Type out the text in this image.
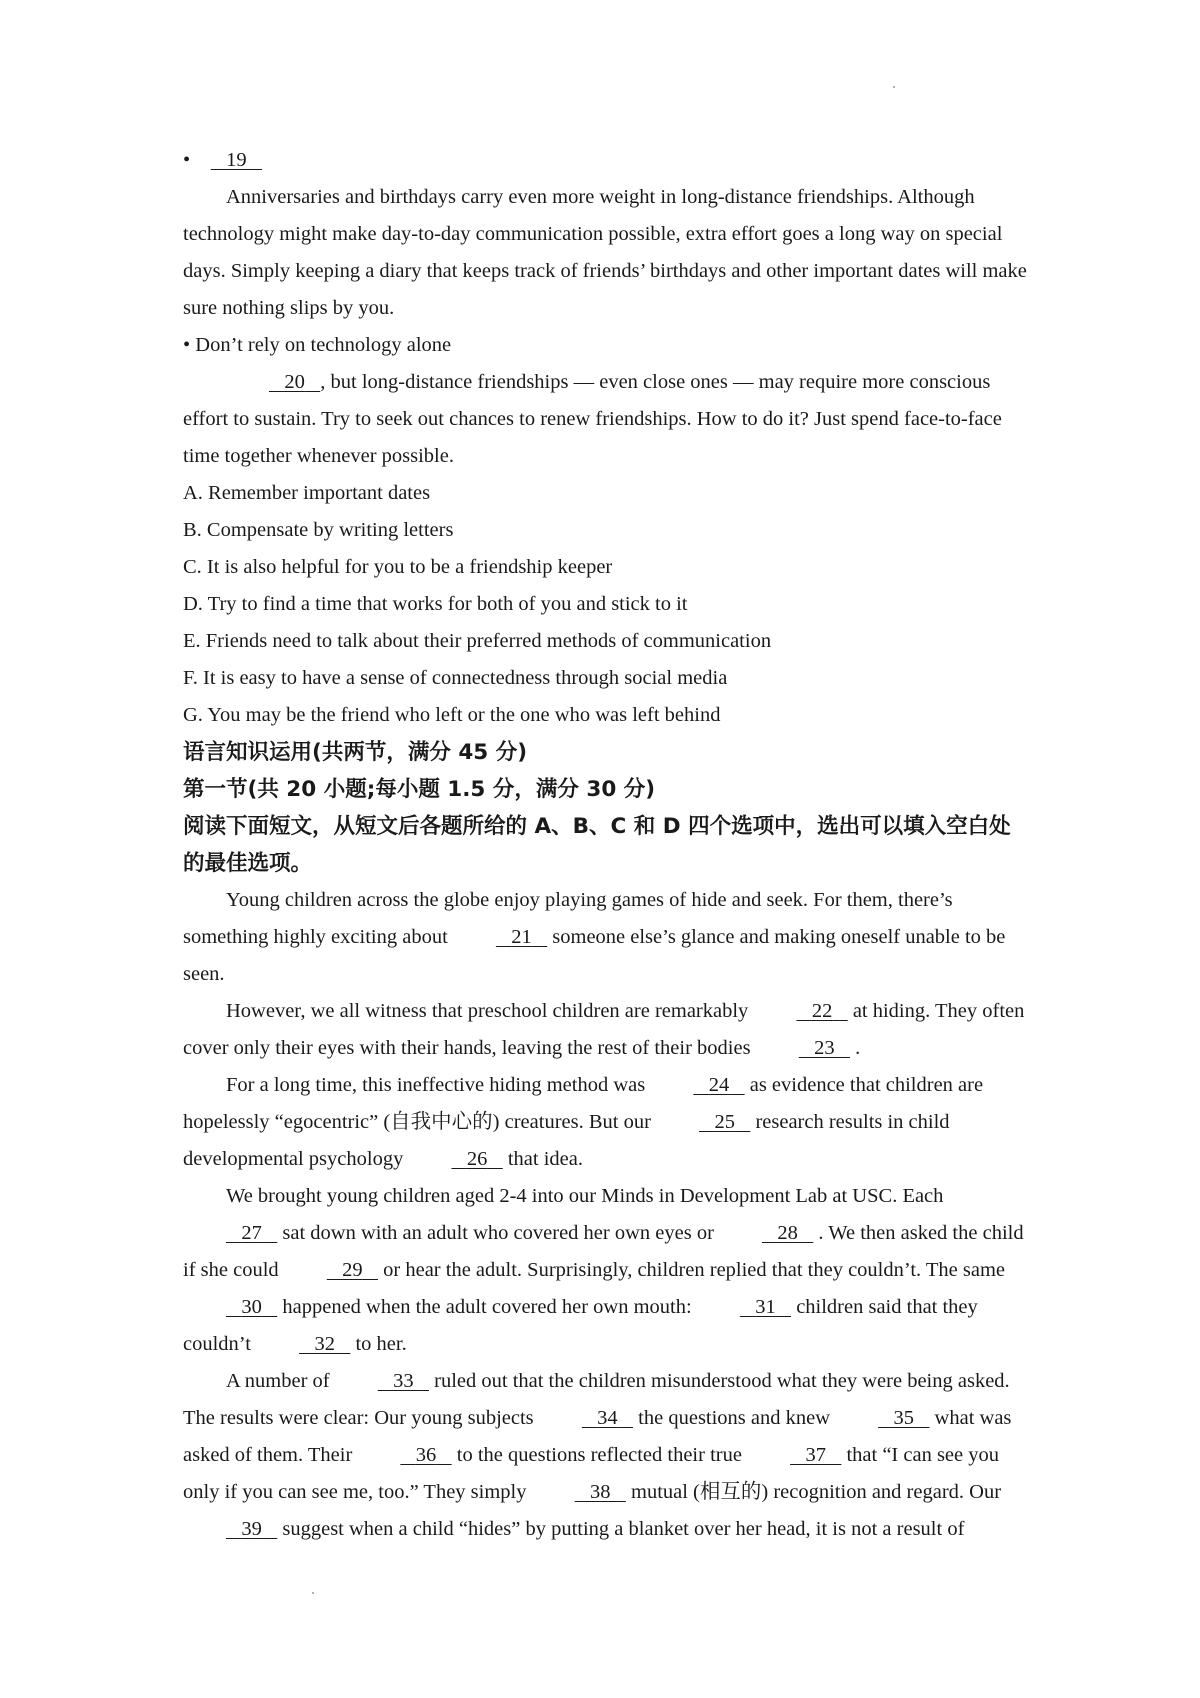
• 19

Anniversaries and birthdays carry even more weight in long-distance friendships. Although technology might make day-to-day communication possible, extra effort goes a long way on special days. Simply keeping a diary that keeps track of friends’ birthdays and other important dates will make sure nothing slips by you.

• Don’t rely on technology alone

20 , but long-distance friendships — even close ones — may require more conscious effort to sustain. Try to seek out chances to renew friendships. How to do it? Just spend face-to-face time together whenever possible.

A. Remember important dates

B. Compensate by writing letters

C. It is also helpful for you to be a friendship keeper

D. Try to find a time that works for both of you and stick to it

E. Friends need to talk about their preferred methods of communication

F. It is easy to have a sense of connectedness through social media

G. You may be the friend who left or the one who was left behind

语言知识运用(共两节，满分 45 分)

第一节(共 20 小题;每小题 1.5 分，满分 30 分)

阅读下面短文，从短文后各题所给的 A、B、C 和 D 四个选项中，选出可以填入空白处的最佳选项。

Young children across the globe enjoy playing games of hide and seek. For them, there’s something highly exciting about	21    someone else’s glance and making oneself unable to be seen.

However, we all witness that preschool children are remarkably	22    at hiding. They often cover only their eyes with their hands, leaving the rest of their bodies	23    .

For a long time, this ineffective hiding method was	24    as evidence that children are hopelessly “egocentric” (自我中心的) creatures. But our	25    research results in child developmental psychology	26    that idea.

We brought young children aged 2-4 into our Minds in Development Lab at USC. Each    27    sat down with an adult who covered her own eyes or	28    . We then asked the child if she could	29    or hear the adult. Surprisingly, children replied that they couldn’t. The same    30    happened when the adult covered her own mouth:	31    children said that they couldn’t	32    to her.

A number of	33    ruled out that the children misunderstood what they were being asked. The results were clear: Our young subjects	34    the questions and knew	35    what was asked of them. Their	36    to the questions reflected their true	37    that “I can see you only if you can see me, too.” They simply	38    mutual (相互的) recognition and regard. Our    39    suggest when a child “hides” by putting a blanket over her head, it is not a result of
